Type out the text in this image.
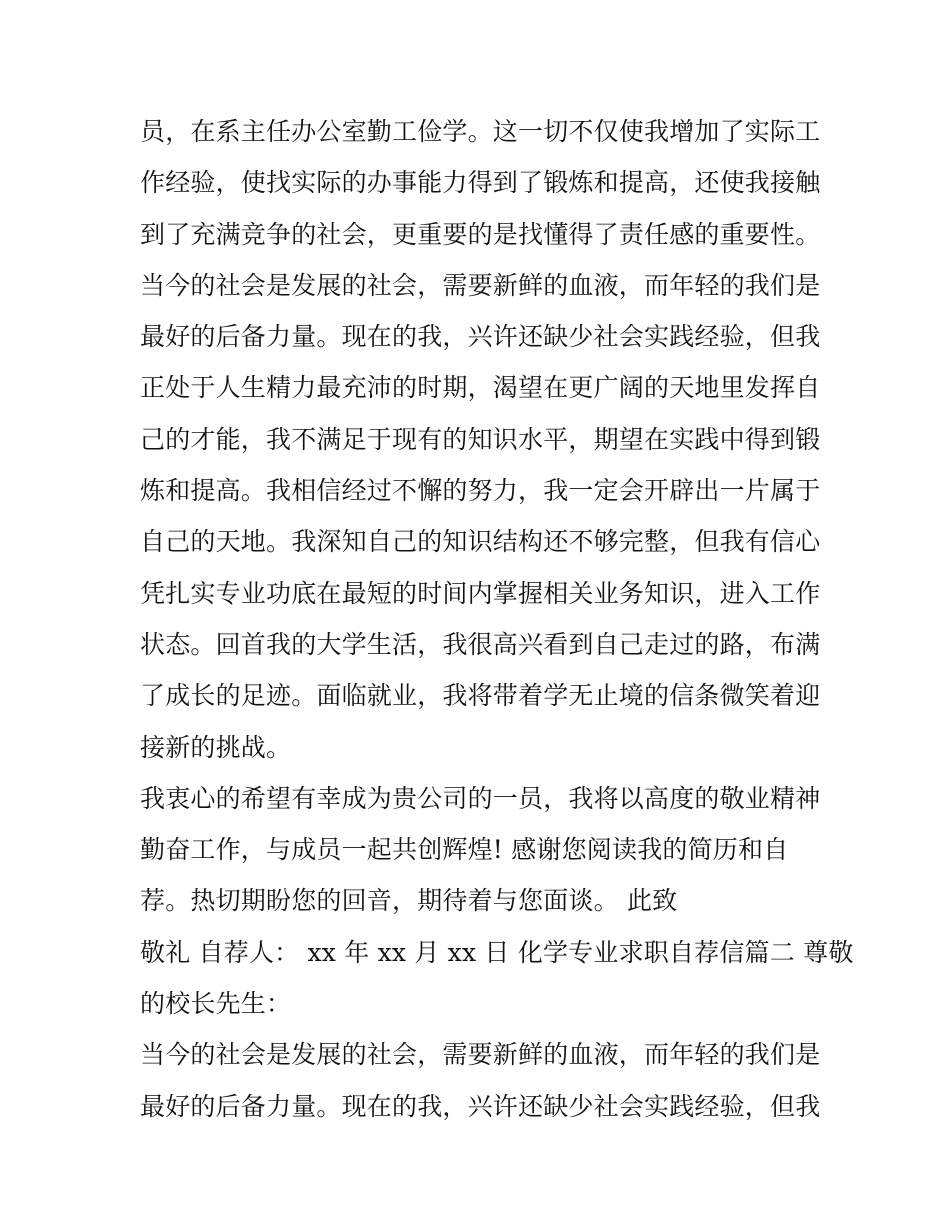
员，在系主任办公室勤工俭学。这一切不仅使我增加了实际工
作经验，使找实际的办事能力得到了锻炼和提高，还使我接触
到了充满竞争的社会，更重要的是找懂得了责任感的重要性。
当今的社会是发展的社会，需要新鲜的血液，而年轻的我们是
最好的后备力量。现在的我，兴许还缺少社会实践经验，但我
正处于人生精力最充沛的时期，渴望在更广阔的天地里发挥自
己的才能，我不满足于现有的知识水平，期望在实践中得到锻
炼和提高。我相信经过不懈的努力，我一定会开辟出一片属于
自己的天地。我深知自己的知识结构还不够完整，但我有信心
凭扎实专业功底在最短的时间内掌握相关业务知识，进入工作
状态。回首我的大学生活，我很高兴看到自己走过的路，布满
了成长的足迹。面临就业，我将带着学无止境的信条微笑着迎
接新的挑战。
我衷心的希望有幸成为贵公司的一员，我将以高度的敬业精神
勤奋工作，与成员一起共创辉煌! 感谢您阅读我的简历和自
荐。热切期盼您的回音，期待着与您面谈。 此致
敬礼 自荐人： xx 年 xx 月 xx 日 化学专业求职自荐信篇二 尊敬
的校长先生：
当今的社会是发展的社会，需要新鲜的血液，而年轻的我们是
最好的后备力量。现在的我，兴许还缺少社会实践经验，但我
